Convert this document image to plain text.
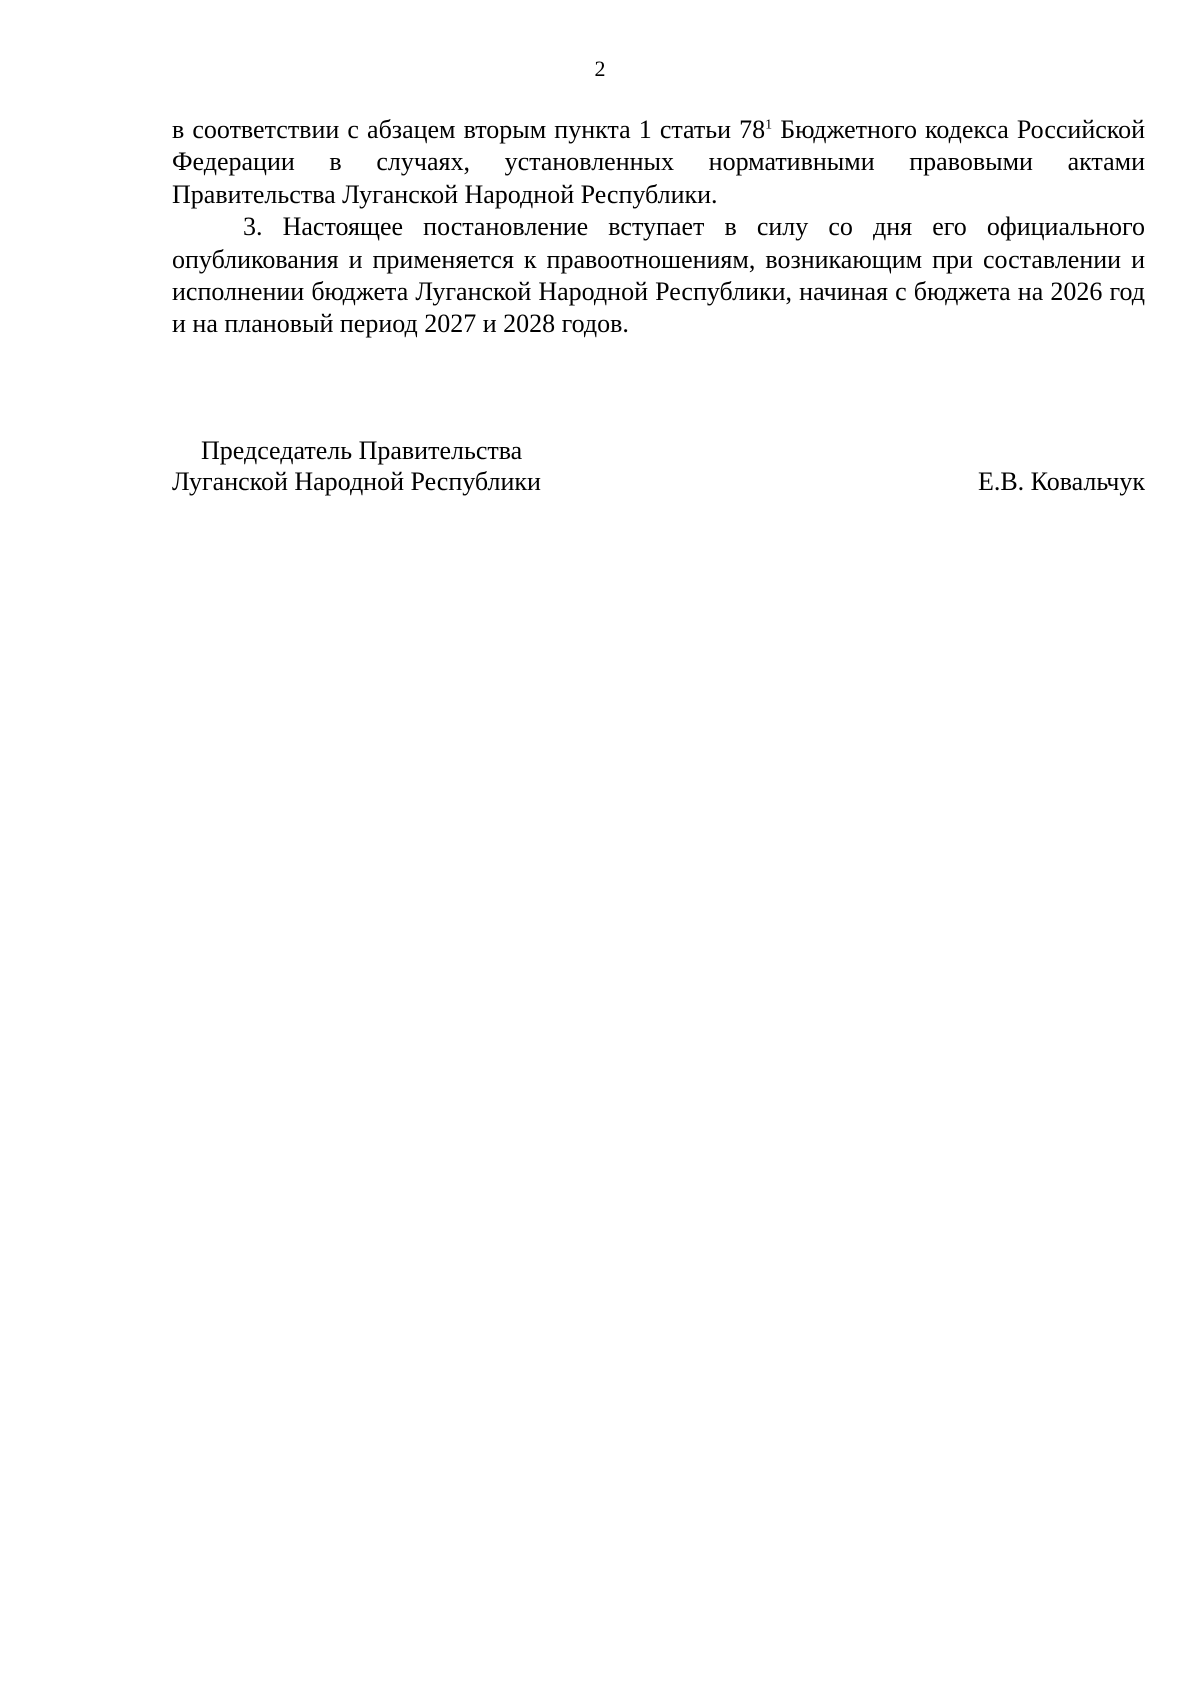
2

в соответствии с абзацем вторым пункта 1 статьи $78^1$ Бюджетного кодекса Российской Федерации в случаях, установленных нормативными правовыми актами Правительства Луганской Народной Республики.

3. Настоящее постановление вступает в силу со дня его официального опубликования и применяется к правоотношениям, возникающим при составлении и исполнении бюджета Луганской Народной Республики, начиная с бюджета на 2026 год и на плановый период 2027 и 2028 годов.

Председатель Правительства
Луганской Народной Республики	Е.В. Ковальчук
